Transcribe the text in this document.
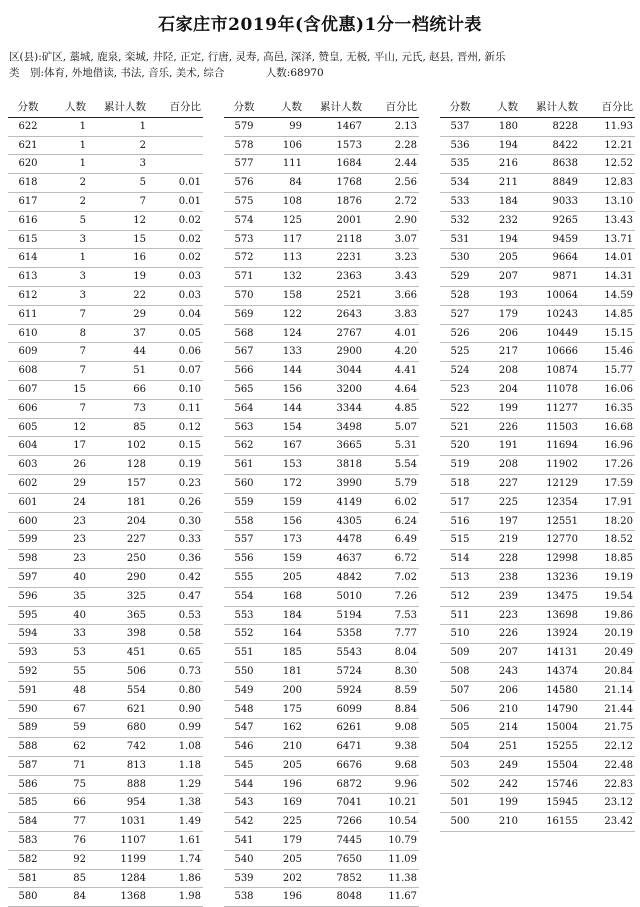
石家庄市2019年(含优惠)1分一档统计表
区(县):矿区, 藁城, 鹿泉, 栾城, 井陉, 正定, 行唐, 灵寿, 高邑, 深泽, 赞皇, 无极, 平山, 元氏, 赵县, 晋州, 新乐
类　别:体育, 外地借读, 书法, 音乐, 美术, 综合	人数:68970
分数	人数	累计人数	百分比
622	1	1	
621	1	2	
620	1	3	
618	2	5	0.01
617	2	7	0.01
616	5	12	0.02
615	3	15	0.02
614	1	16	0.02
613	3	19	0.03
612	3	22	0.03
611	7	29	0.04
610	8	37	0.05
609	7	44	0.06
608	7	51	0.07
607	15	66	0.10
606	7	73	0.11
605	12	85	0.12
604	17	102	0.15
603	26	128	0.19
602	29	157	0.23
601	24	181	0.26
600	23	204	0.30
599	23	227	0.33
598	23	250	0.36
597	40	290	0.42
596	35	325	0.47
595	40	365	0.53
594	33	398	0.58
593	53	451	0.65
592	55	506	0.73
591	48	554	0.80
590	67	621	0.90
589	59	680	0.99
588	62	742	1.08
587	71	813	1.18
586	75	888	1.29
585	66	954	1.38
584	77	1031	1.49
583	76	1107	1.61
582	92	1199	1.74
581	85	1284	1.86
580	84	1368	1.98
分数	人数	累计人数	百分比
579	99	1467	2.13
578	106	1573	2.28
577	111	1684	2.44
576	84	1768	2.56
575	108	1876	2.72
574	125	2001	2.90
573	117	2118	3.07
572	113	2231	3.23
571	132	2363	3.43
570	158	2521	3.66
569	122	2643	3.83
568	124	2767	4.01
567	133	2900	4.20
566	144	3044	4.41
565	156	3200	4.64
564	144	3344	4.85
563	154	3498	5.07
562	167	3665	5.31
561	153	3818	5.54
560	172	3990	5.79
559	159	4149	6.02
558	156	4305	6.24
557	173	4478	6.49
556	159	4637	6.72
555	205	4842	7.02
554	168	5010	7.26
553	184	5194	7.53
552	164	5358	7.77
551	185	5543	8.04
550	181	5724	8.30
549	200	5924	8.59
548	175	6099	8.84
547	162	6261	9.08
546	210	6471	9.38
545	205	6676	9.68
544	196	6872	9.96
543	169	7041	10.21
542	225	7266	10.54
541	179	7445	10.79
540	205	7650	11.09
539	202	7852	11.38
538	196	8048	11.67
分数	人数	累计人数	百分比
537	180	8228	11.93
536	194	8422	12.21
535	216	8638	12.52
534	211	8849	12.83
533	184	9033	13.10
532	232	9265	13.43
531	194	9459	13.71
530	205	9664	14.01
529	207	9871	14.31
528	193	10064	14.59
527	179	10243	14.85
526	206	10449	15.15
525	217	10666	15.46
524	208	10874	15.77
523	204	11078	16.06
522	199	11277	16.35
521	226	11503	16.68
520	191	11694	16.96
519	208	11902	17.26
518	227	12129	17.59
517	225	12354	17.91
516	197	12551	18.20
515	219	12770	18.52
514	228	12998	18.85
513	238	13236	19.19
512	239	13475	19.54
511	223	13698	19.86
510	226	13924	20.19
509	207	14131	20.49
508	243	14374	20.84
507	206	14580	21.14
506	210	14790	21.44
505	214	15004	21.75
504	251	15255	22.12
503	249	15504	22.48
502	242	15746	22.83
501	199	15945	23.12
500	210	16155	23.42
